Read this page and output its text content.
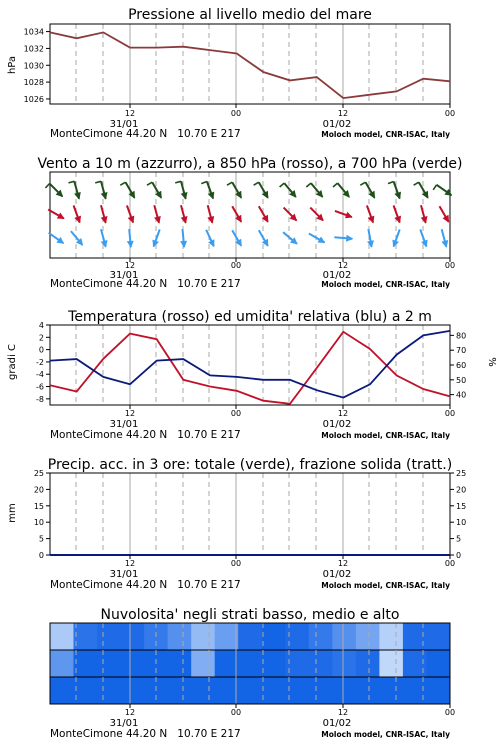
Pressione al livello medio del mare
hPa
1026
1028
1030
1032
1034
12	00	12	00
31/01	01/02
MonteCimone 44.20 N   10.70 E 217	Moloch model, CNR-ISAC, Italy
Vento a 10 m (azzurro), a 850 hPa (rosso), a 700 hPa (verde)
12	00	12	00
31/01	01/02
MonteCimone 44.20 N   10.70 E 217	Moloch model, CNR-ISAC, Italy
Temperatura (rosso) ed umidita' relativa (blu) a 2 m
gradi C	%
-8
-6
-4
-2
0
2
4
40
50
60
70
80
12	00	12	00
31/01	01/02
MonteCimone 44.20 N   10.70 E 217	Moloch model, CNR-ISAC, Italy
Precip. acc. in 3 ore: totale (verde), frazione solida (tratt.)
mm
0
5
10
15
20
25
0
5
10
15
20
25
12	00	12	00
31/01	01/02
MonteCimone 44.20 N   10.70 E 217	Moloch model, CNR-ISAC, Italy
Nuvolosita' negli strati basso, medio e alto
12	00	12	00
31/01	01/02
MonteCimone 44.20 N   10.70 E 217	Moloch model, CNR-ISAC, Italy
